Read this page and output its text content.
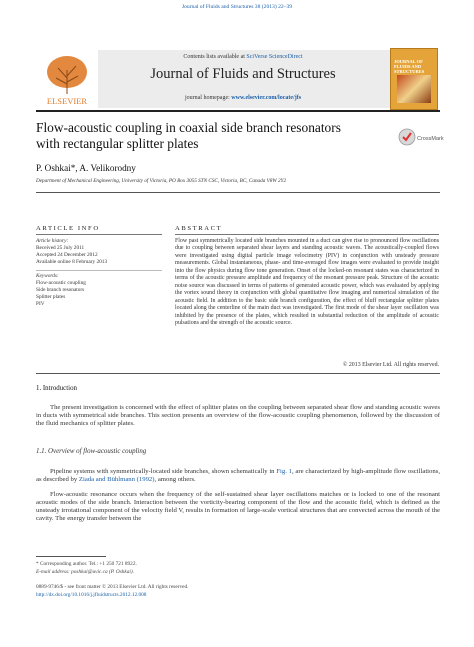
Journal of Fluids and Structures 38 (2013) 22–39
ELSEVIER
Contents lists available at SciVerse ScienceDirect
Journal of Fluids and Structures
journal homepage: www.elsevier.com/locate/jfs
JOURNAL OF FLUIDS AND STRUCTURES
Flow-acoustic coupling in coaxial side branch resonators with rectangular splitter plates	CrossMark
P. Oshkai*, A. Velikorodny
Department of Mechanical Engineering, University of Victoria, PO Box 3055 STN CSC, Victoria, BC, Canada V8W 2Y2
ARTICLE INFO
Article history:
Received 25 July 2011
Accepted 24 December 2012
Available online 8 February 2013
Keywords:
Flow-acoustic coupling
Side branch resonators
Splitter plates
PIV
ABSTRACT
Flow past symmetrically located side branches mounted in a duct can give rise to pronounced flow oscillations due to coupling between separated shear layers and standing acoustic waves. The acoustically-coupled flows were investigated using digital particle image velocimetry (PIV) in conjunction with unsteady pressure measurements. Global instantaneous, phase- and time-averaged flow images were evaluated to provide insight into the flow physics during flow tone generation. Onset of the locked-on resonant states was characterized in terms of the acoustic pressure amplitude and frequency of the resonant pressure peak. Structure of the acoustic noise source was discussed in terms of patterns of generated acoustic power, which was evaluated by applying the vortex sound theory in conjunction with global quantitative flow imaging and numerical simulation of the acoustic field. In addition to the basic side branch configuration, the effect of bluff rectangular splitter plates located along the centerline of the main duct was investigated. The first mode of the shear layer oscillation was inhibited by the presence of the plates, which resulted in substantial reduction of the amplitude of acoustic pulsations and the strength of the acoustic source.
© 2013 Elsevier Ltd. All rights reserved.
1. Introduction
The present investigation is concerned with the effect of splitter plates on the coupling between separated shear flow and standing acoustic waves in ducts with symmetrical side branches. This section presents an overview of the flow-acoustic coupling phenomenon, followed by the discussion of the fluid mechanics of splitter plates.
1.1. Overview of flow-acoustic coupling
Pipeline systems with symmetrically-located side branches, shown schematically in Fig. 1, are characterized by high-amplitude flow oscillations, as described by Ziada and Bühlmann (1992), among others.
Flow-acoustic resonance occurs when the frequency of the self-sustained shear layer oscillations matches or is locked to one of the resonant acoustic modes of the side branch. Interaction between the vorticity-bearing component of the flow and the acoustic field, which is defined as the unsteady irrotational component of the velocity field V, results in formation of large-scale vortical structures that are convected across the mouth of the cavity. The energy transfer between the
* Corresponding author. Tel.: +1 250 721 8922.
E-mail address: poshkai@uvic.ca (P. Oshkai).
0889-9746/$ - see front matter © 2013 Elsevier Ltd. All rights reserved.
http://dx.doi.org/10.1016/j.jfluidstructs.2012.12.008
